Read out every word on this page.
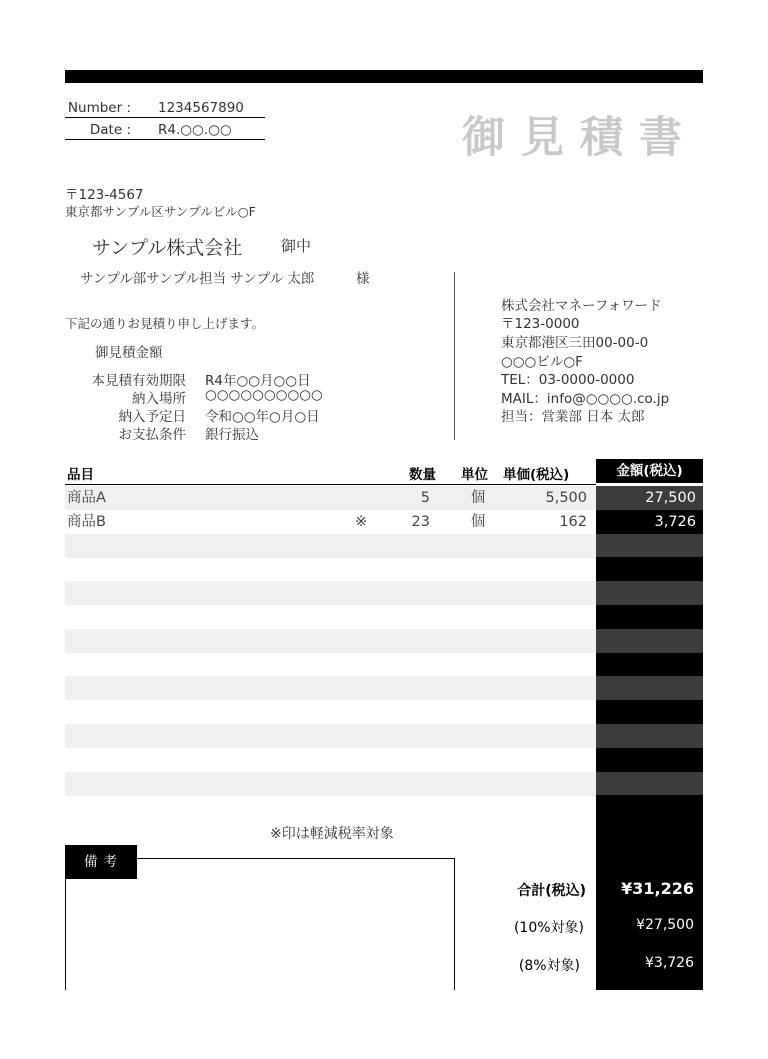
Number : 1234567890
Date : R4.○○.○○	御見積書
〒123-4567
東京都サンプル区サンプルビル○F
サンプル株式会社	御中
サンプル部サンプル担当 サンプル 太郎	様
下記の通りお見積り申し上げます。
御見積金額
本見積有効期限 R4年○○月○○日
納入場所 ○○○○○○○○○○
納入予定日 令和○○年○月○日
お支払条件 銀行振込
株式会社マネーフォワード
〒123-0000
東京都港区三田00-00-0
○○○ビル○F
TEL：03-0000-0000
MAIL：info@○○○○.co.jp
担当：営業部 日本 太郎
品目	数量 単位 単価(税込)	金額(税込)
商品A	5	個	5,500	27,500
商品B	※	23	個	162	3,726
※印は軽減税率対象
備考
合計(税込)	¥31,226
(10%対象)	¥27,500
(8%対象)	¥3,726
